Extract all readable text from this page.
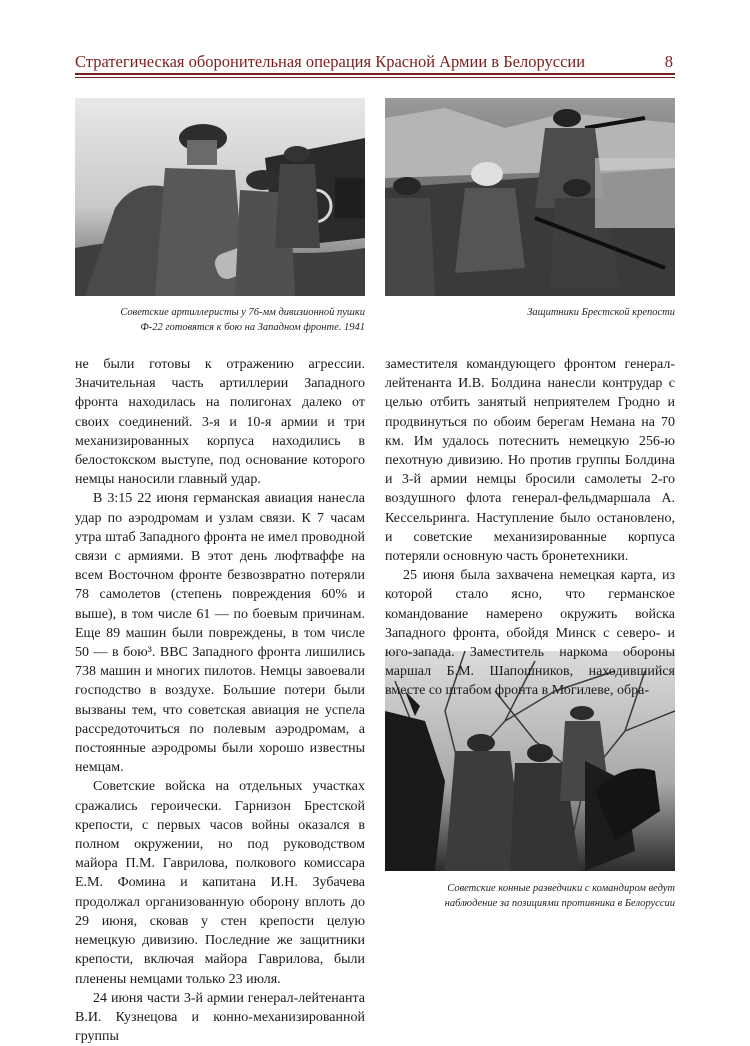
Стратегическая оборонительная операция Красной Армии в Белоруссии	8
Советские артиллеристы у 76-мм дивизионной пушки
Ф-22 готовятся к бою на Западном фронте. 1941
Защитники Брестской крепости
Советские конные разведчики с командиром ведут
наблюдение за позициями противника в Белоруссии

не были готовы к отражению агрессии. Значительная часть артиллерии Западного фронта находилась на полигонах далеко от своих соединений. 3-я и 10-я армии и три механизированных корпуса находились в белостокском выступе, под основание которого немцы наносили главный удар.

В 3:15 22 июня германская авиация нанесла удар по аэродромам и узлам связи. К 7 часам утра штаб Западного фронта не имел проводной связи с армиями. В этот день люфтваффе на всем Восточном фронте безвозвратно потеряли 78 самолетов (степень повреждения 60% и выше), в том числе 61 — по боевым причинам. Еще 89 машин были повреждены, в том числе 50 — в бою³. ВВС Западного фронта лишились 738 машин и многих пилотов. Немцы завоевали господство в воздухе. Большие потери были вызваны тем, что советская авиация не успела рассредоточиться по полевым аэродромам, а постоянные аэродромы были хорошо известны немцам.

Советские войска на отдельных участках сражались героически. Гарнизон Брестской крепости, с первых часов войны оказался в полном окружении, но под руководством майора П.М. Гаврилова, полкового комиссара Е.М. Фомина и капитана И.Н. Зубачева продолжал организованную оборону вплоть до 29 июня, сковав у стен крепости целую немецкую дивизию. Последние же защитники крепости, включая майора Гаврилова, были пленены немцами только 23 июля.

24 июня части 3-й армии генерал-лейтенанта В.И. Кузнецова и конно-механизированной группы

заместителя командующего фронтом генерал-лейтенанта И.В. Болдина нанесли контрудар с целью отбить занятый неприятелем Гродно и продвинуться по обоим берегам Немана на 70 км. Им удалось потеснить немецкую 256-ю пехотную дивизию. Но против группы Болдина и 3-й армии немцы бросили самолеты 2-го воздушного флота генерал-фельдмаршала А. Кессельринга. Наступление было остановлено, и советские механизированные корпуса потеряли основную часть бронетехники.

25 июня была захвачена немецкая карта, из которой стало ясно, что германское командование намерено окружить войска Западного фронта, обойдя Минск с северо- и юго-запада. Заместитель наркома обороны маршал Б.М. Шапошников, находившийся вместе со штабом фронта в Могилеве, обра-
